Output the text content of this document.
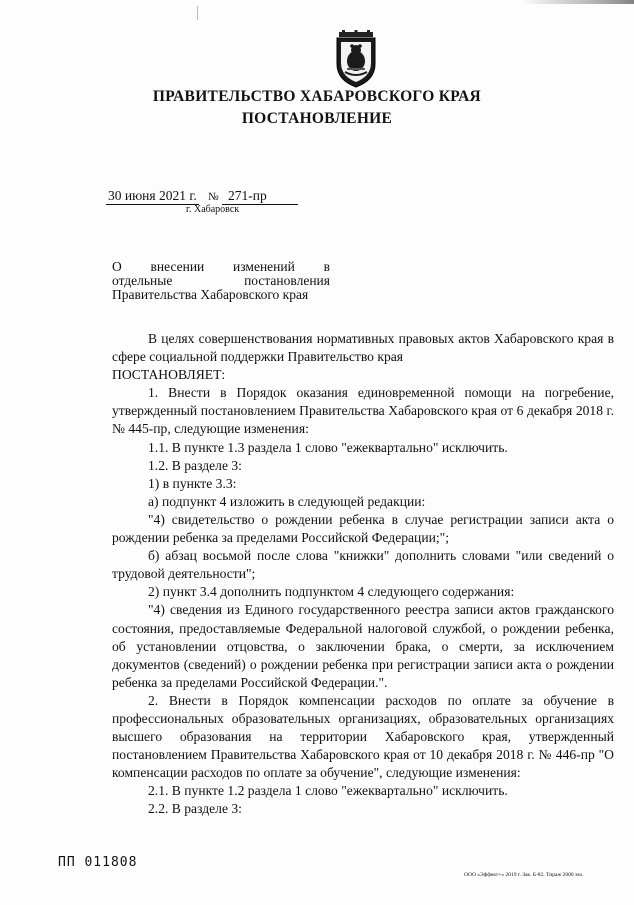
ПРАВИТЕЛЬСТВО ХАБАРОВСКОГО КРАЯ
ПОСТАНОВЛЕНИЕ
30 июня 2021 г. № 271-пр
г. Хабаровск
О внесении изменений в
отдельные постановления
Правительства Хабаровского края

В целях совершенствования нормативных правовых актов Хабаровского края в сфере социальной поддержки Правительство края

ПОСТАНОВЛЯЕТ:

1. Внести в Порядок оказания единовременной помощи на погребение, утвержденный постановлением Правительства Хабаровского края от 6 декабря 2018 г. № 445-пр, следующие изменения:

1.1. В пункте 1.3 раздела 1 слово "ежеквартально" исключить.

1.2. В разделе 3:

1) в пункте 3.3:

а) подпункт 4 изложить в следующей редакции:

"4) свидетельство о рождении ребенка в случае регистрации записи акта о рождении ребенка за пределами Российской Федерации;";

б) абзац восьмой после слова "книжки" дополнить словами "или сведений о трудовой деятельности";

2) пункт 3.4 дополнить подпунктом 4 следующего содержания:

"4) сведения из Единого государственного реестра записи актов гражданского состояния, предоставляемые Федеральной налоговой службой, о рождении ребенка, об установлении отцовства, о заключении брака, о смерти, за исключением документов (сведений) о рождении ребенка при регистрации записи акта о рождении ребенка за пределами Российской Федерации.".

2. Внести в Порядок компенсации расходов по оплате за обучение в профессиональных образовательных организациях, образовательных организациях высшего образования на территории Хабаровского края, утвержденный постановлением Правительства Хабаровского края от 10 декабря 2018 г. № 446-пр "О компенсации расходов по оплате за обучение", следующие изменения:

2.1. В пункте 1.2 раздела 1 слово "ежеквартально" исключить.

2.2. В разделе 3:

ПП 011808
ООО «Эффект+» 2019 г. Зак. Б-82. Тираж 2000 экз.
